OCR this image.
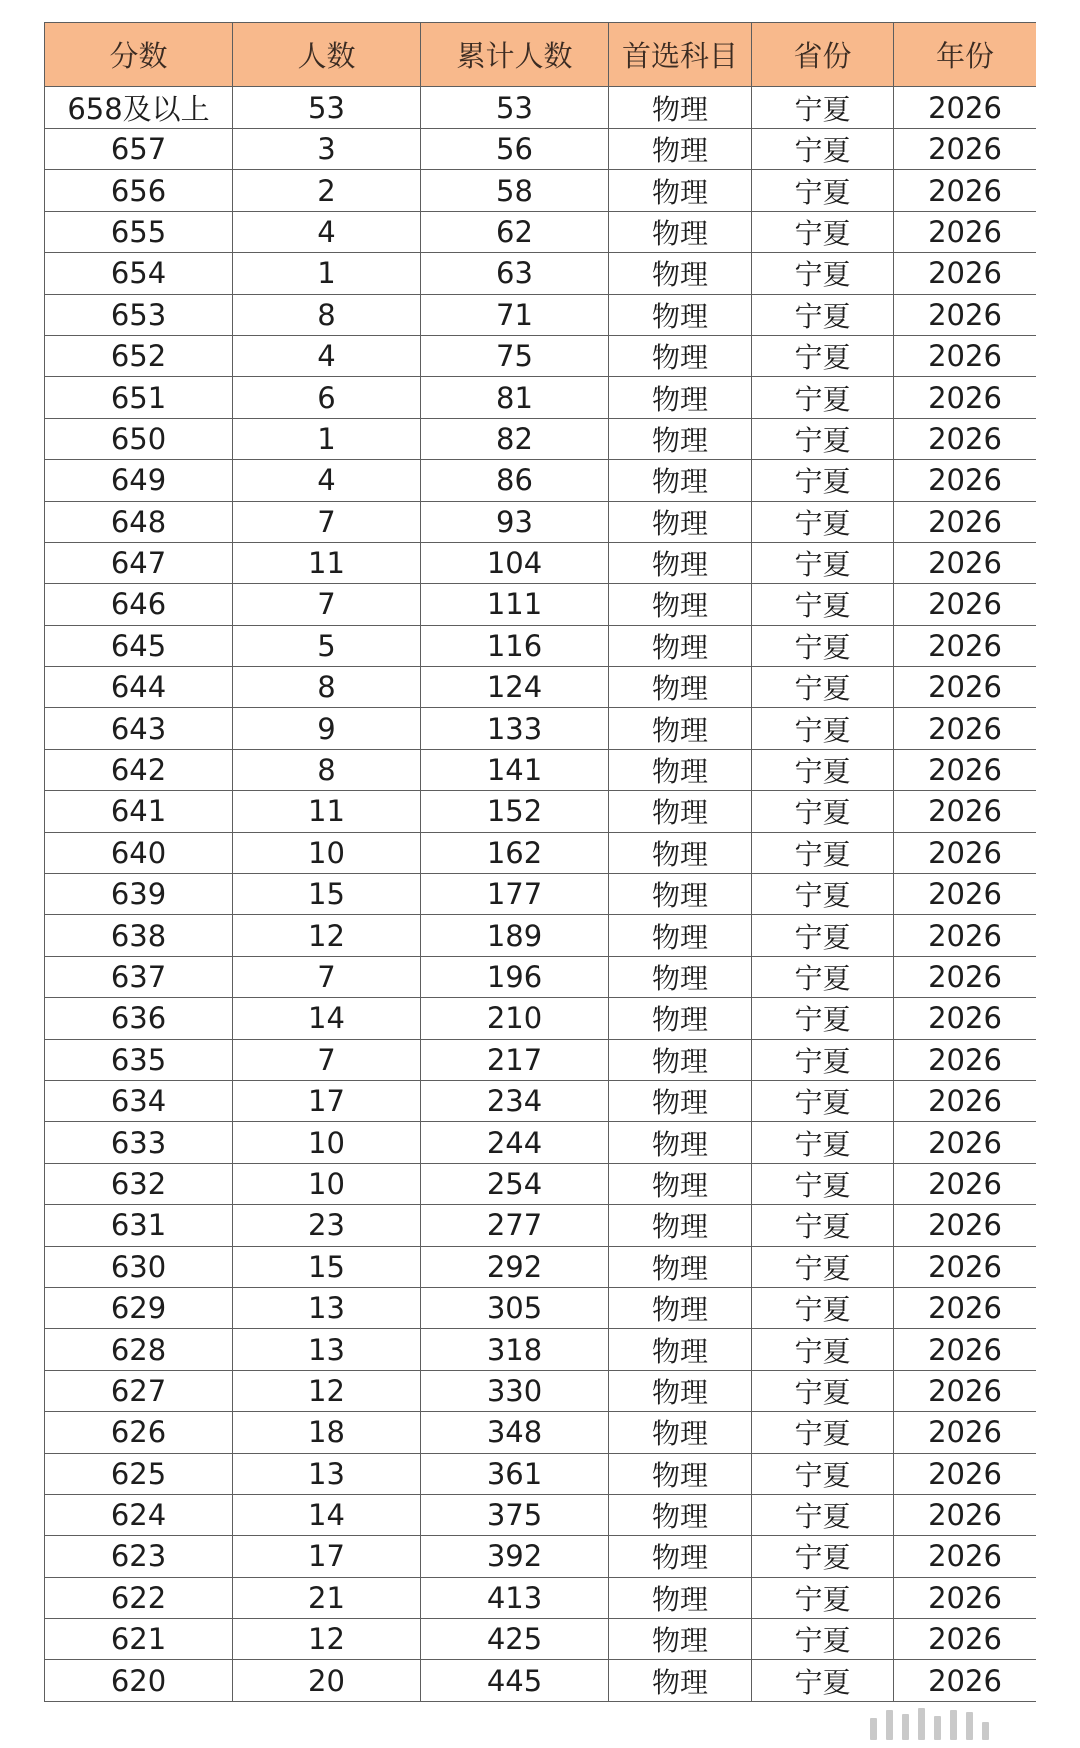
分数	人数	累计人数	首选科目	省份	年份
658及以上	53	53	物理	宁夏	2026
657	3	56	物理	宁夏	2026
656	2	58	物理	宁夏	2026
655	4	62	物理	宁夏	2026
654	1	63	物理	宁夏	2026
653	8	71	物理	宁夏	2026
652	4	75	物理	宁夏	2026
651	6	81	物理	宁夏	2026
650	1	82	物理	宁夏	2026
649	4	86	物理	宁夏	2026
648	7	93	物理	宁夏	2026
647	11	104	物理	宁夏	2026
646	7	111	物理	宁夏	2026
645	5	116	物理	宁夏	2026
644	8	124	物理	宁夏	2026
643	9	133	物理	宁夏	2026
642	8	141	物理	宁夏	2026
641	11	152	物理	宁夏	2026
640	10	162	物理	宁夏	2026
639	15	177	物理	宁夏	2026
638	12	189	物理	宁夏	2026
637	7	196	物理	宁夏	2026
636	14	210	物理	宁夏	2026
635	7	217	物理	宁夏	2026
634	17	234	物理	宁夏	2026
633	10	244	物理	宁夏	2026
632	10	254	物理	宁夏	2026
631	23	277	物理	宁夏	2026
630	15	292	物理	宁夏	2026
629	13	305	物理	宁夏	2026
628	13	318	物理	宁夏	2026
627	12	330	物理	宁夏	2026
626	18	348	物理	宁夏	2026
625	13	361	物理	宁夏	2026
624	14	375	物理	宁夏	2026
623	17	392	物理	宁夏	2026
622	21	413	物理	宁夏	2026
621	12	425	物理	宁夏	2026
620	20	445	物理	宁夏	2026
